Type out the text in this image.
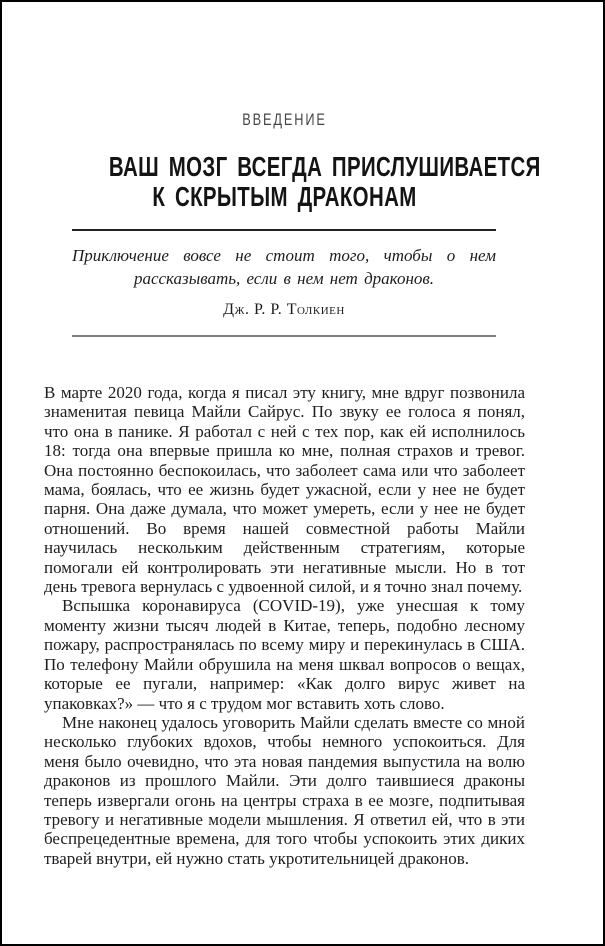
ВВЕДЕНИЕ
ВАШ МОЗГ ВСЕГДА ПРИСЛУШИВАЕТСЯ
К СКРЫТЫМ ДРАКОНАМ

Приключение вовсе не стоит того, чтобы о нем рассказывать, если в нем нет драконов.

Дж. Р. Р. Толкиен

В марте 2020 года, когда я писал эту книгу, мне вдруг позвонила знаменитая певица Майли Сайрус. По звуку ее голоса я понял, что она в панике. Я работал с ней с тех пор, как ей исполнилось 18: тогда она впервые пришла ко мне, полная страхов и тревог. Она постоянно беспокоилась, что заболеет сама или что заболеет мама, боялась, что ее жизнь будет ужасной, если у нее не будет парня. Она даже думала, что может умереть, если у нее не будет отношений. Во время нашей совместной работы Майли научилась нескольким действенным стратегиям, которые помогали ей контролировать эти негативные мысли. Но в тот день тревога вернулась с удвоенной силой, и я точно знал почему.

Вспышка коронавируса (COVID-19), уже унесшая к тому моменту жизни тысяч людей в Китае, теперь, подобно лесному пожару, распространялась по всему миру и перекинулась в США. По телефону Майли обрушила на меня шквал вопросов о вещах, которые ее пугали, например: «Как долго вирус живет на упаковках?» — что я с трудом мог вставить хоть слово.

Мне наконец удалось уговорить Майли сделать вместе со мной несколько глубоких вдохов, чтобы немного успокоиться. Для меня было очевидно, что эта новая пандемия выпустила на волю драконов из прошлого Майли. Эти долго таившиеся драконы теперь извергали огонь на центры страха в ее мозге, подпитывая тревогу и негативные модели мышления. Я ответил ей, что в эти беспрецедентные времена, для того чтобы успокоить этих диких тварей внутри, ей нужно стать укротительницей драконов.
